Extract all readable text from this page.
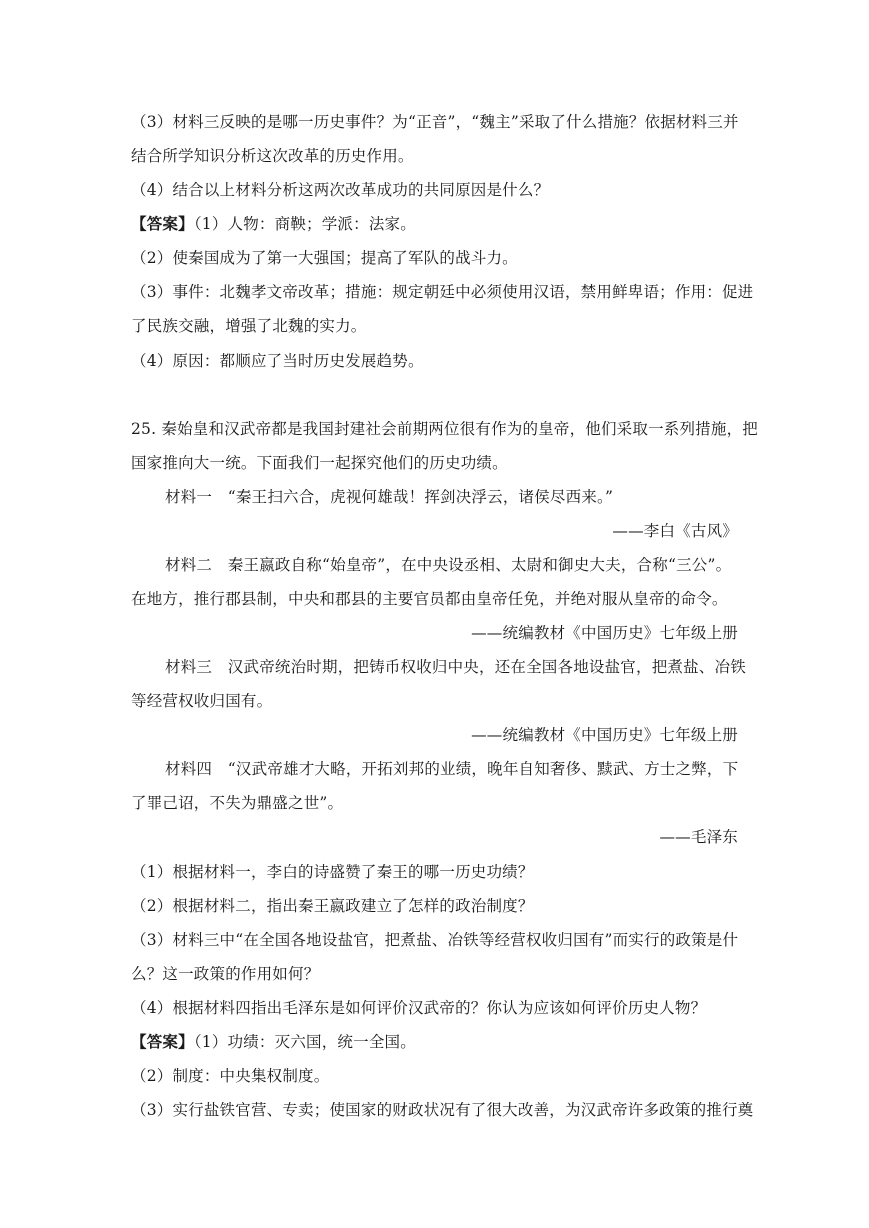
（3）材料三反映的是哪一历史事件？为“正音”，“魏主”采取了什么措施？依据材料三并
结合所学知识分析这次改革的历史作用。
（4）结合以上材料分析这两次改革成功的共同原因是什么？
【答案】（1）人物：商鞅；学派：法家。
（2）使秦国成为了第一大强国；提高了军队的战斗力。
（3）事件：北魏孝文帝改革；措施：规定朝廷中必须使用汉语，禁用鲜卑语；作用：促进
了民族交融，增强了北魏的实力。
（4）原因：都顺应了当时历史发展趋势。
25. 秦始皇和汉武帝都是我国封建社会前期两位很有作为的皇帝，他们采取一系列措施，把
国家推向大一统。下面我们一起探究他们的历史功绩。
材料一　“秦王扫六合，虎视何雄哉！挥剑决浮云，诸侯尽西来。”
——李白《古风》
材料二　秦王嬴政自称“始皇帝”，在中央设丞相、太尉和御史大夫，合称“三公”。
在地方，推行郡县制，中央和郡县的主要官员都由皇帝任免，并绝对服从皇帝的命令。
——统编教材《中国历史》七年级上册
材料三　汉武帝统治时期，把铸币权收归中央，还在全国各地设盐官，把煮盐、冶铁
等经营权收归国有。
——统编教材《中国历史》七年级上册
材料四　“汉武帝雄才大略，开拓刘邦的业绩，晚年自知奢侈、黩武、方士之弊，下
了罪己诏，不失为鼎盛之世”。
——毛泽东
（1）根据材料一，李白的诗盛赞了秦王的哪一历史功绩？
（2）根据材料二，指出秦王嬴政建立了怎样的政治制度？
（3）材料三中“在全国各地设盐官，把煮盐、冶铁等经营权收归国有”而实行的政策是什
么？这一政策的作用如何？
（4）根据材料四指出毛泽东是如何评价汉武帝的？你认为应该如何评价历史人物？
【答案】（1）功绩：灭六国，统一全国。
（2）制度：中央集权制度。
（3）实行盐铁官营、专卖；使国家的财政状况有了很大改善，为汉武帝许多政策的推行奠
